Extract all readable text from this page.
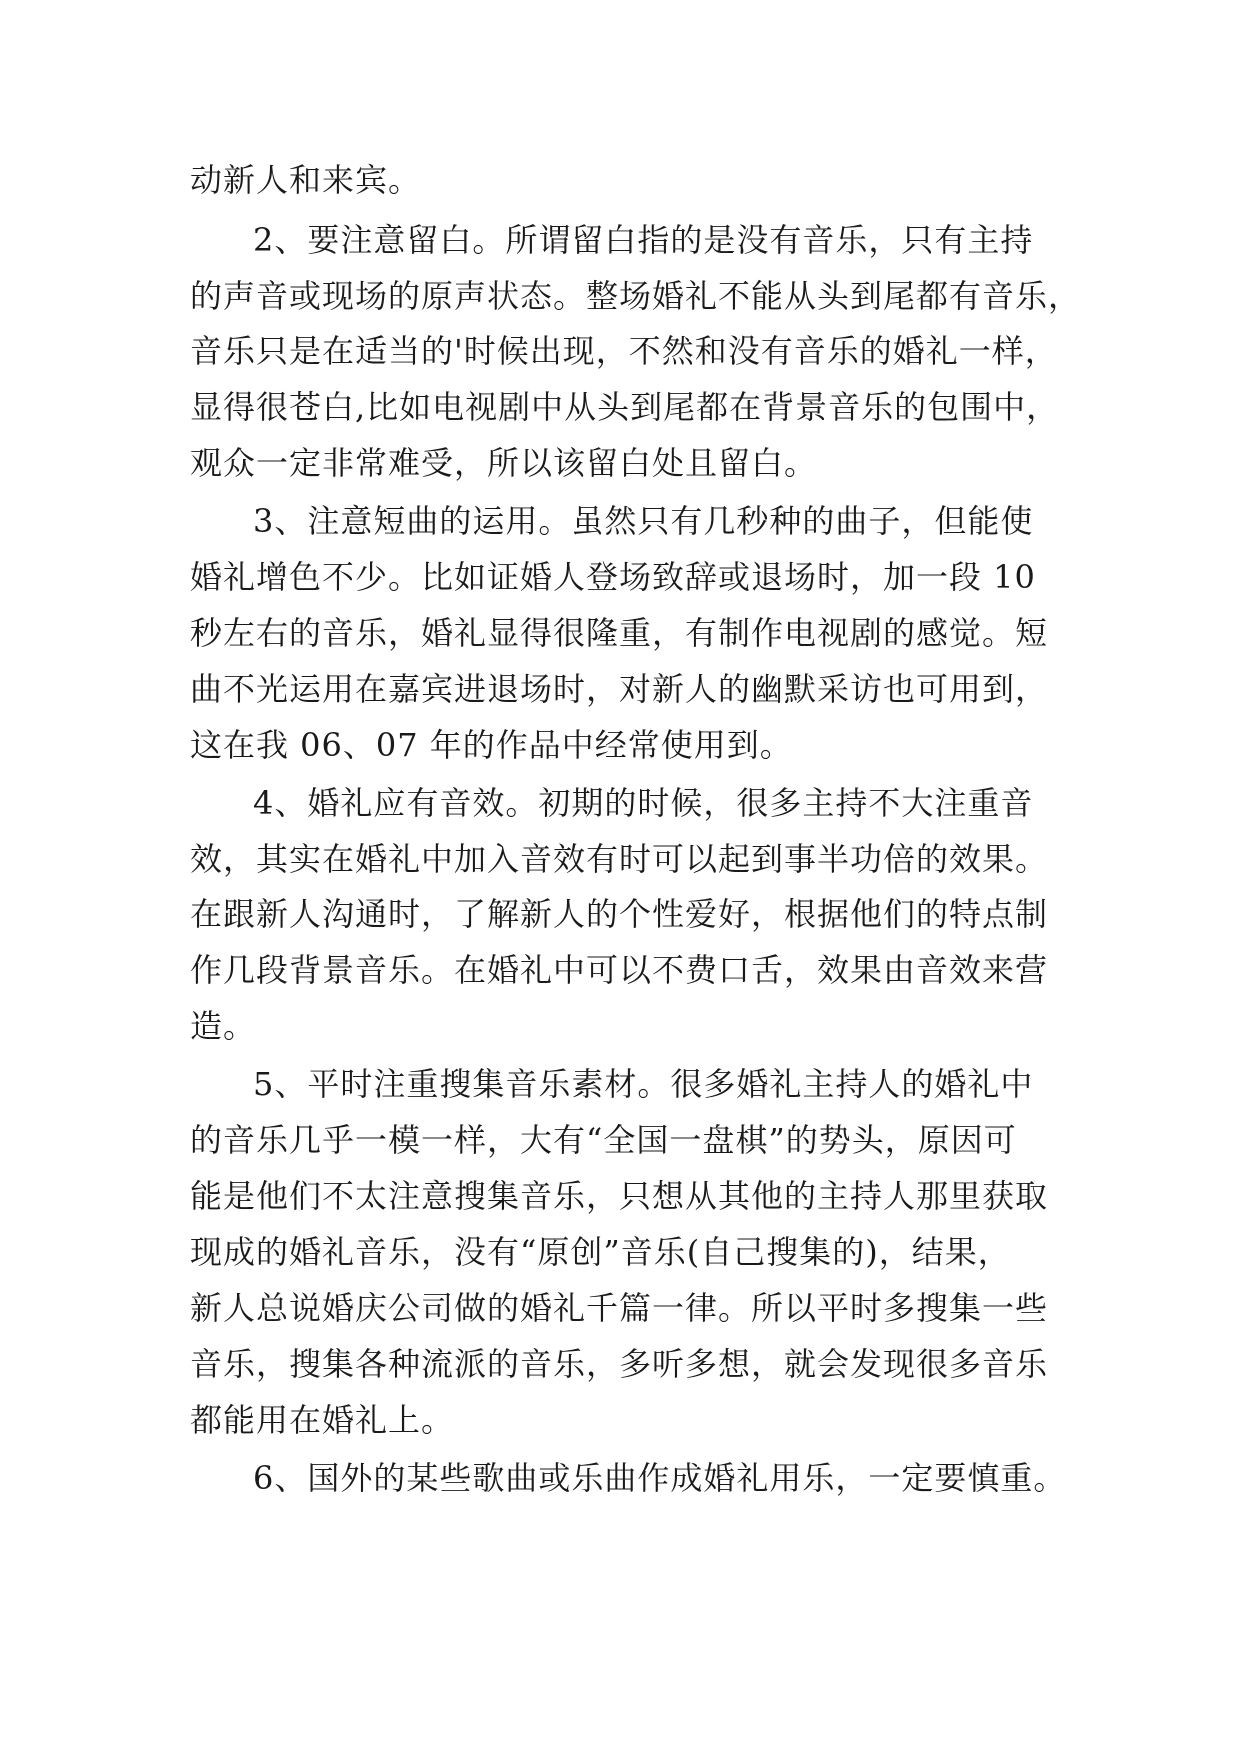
动新人和来宾。
2、要注意留白。所谓留白指的是没有音乐，只有主持
的声音或现场的原声状态。整场婚礼不能从头到尾都有音乐，
音乐只是在适当的'时候出现，不然和没有音乐的婚礼一样，
显得很苍白,比如电视剧中从头到尾都在背景音乐的包围中，
观众一定非常难受，所以该留白处且留白。
3、注意短曲的运用。虽然只有几秒种的曲子，但能使
婚礼增色不少。比如证婚人登场致辞或退场时，加一段 10
秒左右的音乐，婚礼显得很隆重，有制作电视剧的感觉。短
曲不光运用在嘉宾进退场时，对新人的幽默采访也可用到，
这在我 06、07 年的作品中经常使用到。
4、婚礼应有音效。初期的时候，很多主持不大注重音
效，其实在婚礼中加入音效有时可以起到事半功倍的效果。
在跟新人沟通时，了解新人的个性爱好，根据他们的特点制
作几段背景音乐。在婚礼中可以不费口舌，效果由音效来营
造。
5、平时注重搜集音乐素材。很多婚礼主持人的婚礼中
的音乐几乎一模一样，大有“全国一盘棋”的势头，原因可
能是他们不太注意搜集音乐，只想从其他的主持人那里获取
现成的婚礼音乐，没有“原创”音乐(自己搜集的)，结果，
新人总说婚庆公司做的婚礼千篇一律。所以平时多搜集一些
音乐，搜集各种流派的音乐，多听多想，就会发现很多音乐
都能用在婚礼上。
6、国外的某些歌曲或乐曲作成婚礼用乐，一定要慎重。
